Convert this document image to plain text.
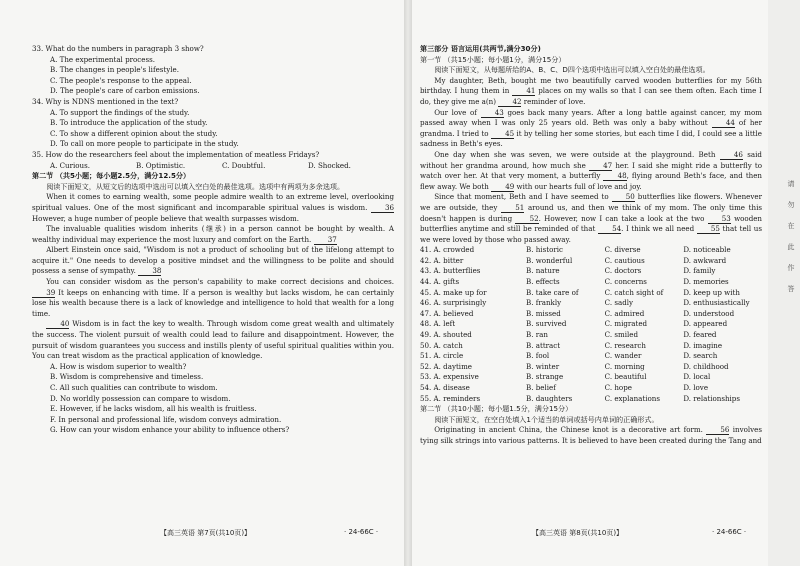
33. What do the numbers in paragraph 3 show?

A. The experimental process.

B. The changes in people's lifestyle.

C. The people's response to the appeal.

D. The people's care of carbon emissions.

34. Why is NDNS mentioned in the text?

A. To support the findings of the study.

B. To introduce the application of the study.

C. To show a different opinion about the study.

D. To call on more people to participate in the study.

35. How do the researchers feel about the implementation of meatless Fridays?

A. Curious.	B. Optimistic.	C. Doubtful.	D. Shocked.

第二节 （共5小题；每小题2.5分，满分12.5分）

阅读下面短文，从短文后的选项中选出可以填入空白处的最佳选项。选项中有两项为多余选项。

When it comes to earning wealth, some people admire wealth to an extreme level, overlooking spiritual values. One of the most significant and incomparable spiritual values is wisdom. 36 However, a huge number of people believe that wealth surpasses wisdom.

The invaluable qualities wisdom inherits (继承) in a person cannot be bought by wealth. A wealthy individual may experience the most luxury and comfort on the Earth. 37

Albert Einstein once said, "Wisdom is not a product of schooling but of the lifelong attempt to acquire it." One needs to develop a positive mindset and the willingness to be polite and should possess a sense of sympathy. 38

You can consider wisdom as the person's capability to make correct decisions and choices. 39 It keeps on enhancing with time. If a person is wealthy but lacks wisdom, he can certainly lose his wealth because there is a lack of knowledge and intelligence to hold that wealth for a long time.

40 Wisdom is in fact the key to wealth. Through wisdom come great wealth and ultimately the success. The violent pursuit of wealth could lead to failure and disappointment. However, the pursuit of wisdom guarantees you success and instills plenty of useful spiritual qualities within you. You can treat wisdom as the practical application of knowledge.

A. How is wisdom superior to wealth?

B. Wisdom is comprehensive and timeless.

C. All such qualities can contribute to wisdom.

D. No worldly possession can compare to wisdom.

E. However, if he lacks wisdom, all his wealth is fruitless.

F. In personal and professional life, wisdom conveys admiration.

G. How can your wisdom enhance your ability to influence others?

【高三英语 第7页(共10页)】	· 24-66C ·

第三部分 语言运用(共两节,满分30分)

第一节 （共15小题；每小题1分，满分15分）

阅读下面短文，从每题所给的A、B、C、D四个选项中选出可以填入空白处的最佳选项。

My daughter, Beth, bought me two beautifully carved wooden butterflies for my 56th birthday. I hung them in 41 places on my walls so that I can see them often. Each time I do, they give me a(n) 42 reminder of love.

Our love of	43 goes back many years. After a long battle against cancer, my mom passed away when I was only 25 years old. Beth was only a baby without	44 of her grandma. I tried to 45 it by telling her some stories, but each time I did, I could see a little sadness in Beth's eyes.

One day when she was seven, we were outside at the playground. Beth	46 said without her grandma around, how much she 47 her. I said she might ride a butterfly to watch over her. At that very moment, a butterfly 48, flying around Beth's face, and then flew away. We both 49 with our hearts full of love and joy.

Since that moment, Beth and I have seemed to 50 butterflies like flowers. Whenever we are outside, they	51 around us, and then we think of my mom. The only time this doesn't happen is during 52. However, now I can take a look at the two 53 wooden butterflies anytime and still be reminded of that 54. I think we all need 55 that tell us we were loved by those who passed away.

41. A. crowded	B. historic	C. diverse	D. noticeable
42. A. bitter	B. wonderful	C. cautious	D. awkward
43. A. butterflies	B. nature	C. doctors	D. family
44. A. gifts	B. effects	C. concerns	D. memories
45. A. make up for	B. take care of	C. catch sight of	D. keep up with
46. A. surprisingly	B. frankly	C. sadly	D. enthusiastically
47. A. believed	B. missed	C. admired	D. understood
48. A. left	B. survived	C. migrated	D. appeared
49. A. shouted	B. ran	C. smiled	D. feared
50. A. catch	B. attract	C. research	D. imagine
51. A. circle	B. fool	C. wander	D. search
52. A. daytime	B. winter	C. morning	D. childhood
53. A. expensive	B. strange	C. beautiful	D. local
54. A. disease	B. belief	C. hope	D. love
55. A. reminders	B. daughters	C. explanations	D. relationships

第二节 （共10小题；每小题1.5分，满分15分）

阅读下面短文，在空白处填入1个适当的单词或括号内单词的正确形式。

Originating in ancient China, the Chinese knot is a decorative art form. 56 involves tying silk strings into various patterns. It is believed to have been created during the Tang and

【高三英语 第8页(共10页)】	· 24-66C ·
请勿在此作答
